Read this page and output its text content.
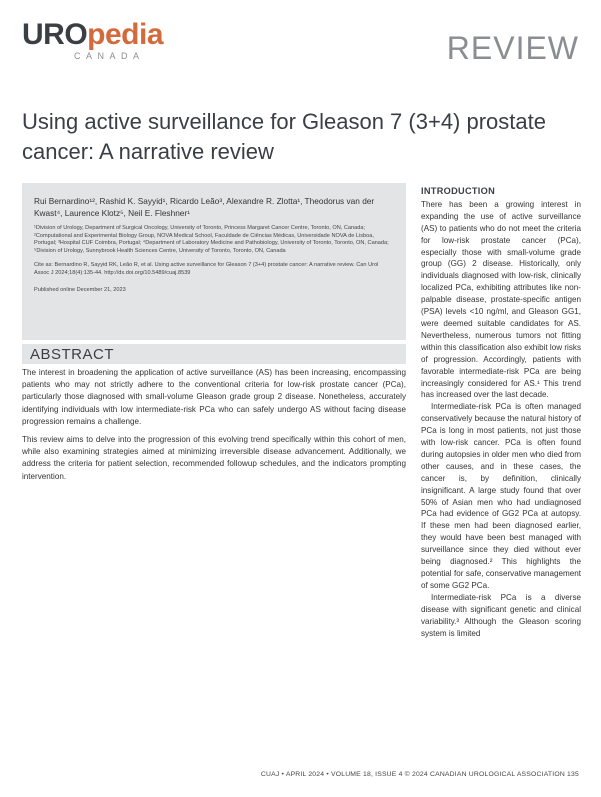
UROpedia
CANADA	REVIEW
Using active surveillance for Gleason 7 (3+4) prostate cancer: A narrative review

Rui Bernardino¹², Rashid K. Sayyid¹, Ricardo Leão³, Alexandre R. Zlotta¹, Theodorus van der Kwast⁴, Laurence Klotz⁵, Neil E. Fleshner¹

¹Division of Urology, Department of Surgical Oncology, University of Toronto, Princess Margaret Cancer Centre, Toronto, ON, Canada; ²Computational and Experimental Biology Group, NOVA Medical School, Faculdade de Ciências Médicas, Universidade NOVA de Lisboa, Portugal; ³Hospital CUF Coimbra, Portugal; ⁴Department of Laboratory Medicine and Pathobiology, University of Toronto, Toronto, ON, Canada; ⁵Division of Urology, Sunnybrook Health Sciences Centre, University of Toronto, Toronto, ON, Canada

Cite as: Bernardino R, Sayyid RK, Leão R, et al. Using active surveillance for Gleason 7 (3+4) prostate cancer: A narrative review. Can Urol Assoc J 2024;18(4):135-44. http://dx.doi.org/10.5489/cuaj.8539

Published online December 21, 2023

ABSTRACT

The interest in broadening the application of active surveillance (AS) has been increasing, encompassing patients who may not strictly adhere to the conventional criteria for low-risk prostate cancer (PCa), particularly those diagnosed with small-volume Gleason grade group 2 disease. Nonetheless, accurately identifying individuals with low intermediate-risk PCa who can safely undergo AS without facing disease progression remains a challenge.

This review aims to delve into the progression of this evolving trend specifically within this cohort of men, while also examining strategies aimed at minimizing irreversible disease advancement. Additionally, we address the criteria for patient selection, recommended followup schedules, and the indicators prompting intervention.

INTRODUCTION

There has been a growing interest in expanding the use of active surveillance (AS) to patients who do not meet the criteria for low-risk prostate cancer (PCa), especially those with small-volume grade group (GG) 2 disease. Historically, only individuals diagnosed with low-risk, clinically localized PCa, exhibiting attributes like non-palpable disease, prostate-specific antigen (PSA) levels <10 ng/ml, and Gleason GG1, were deemed suitable candidates for AS. Nevertheless, numerous tumors not fitting within this classification also exhibit low risks of progression. Accordingly, patients with favorable intermediate-risk PCa are being increasingly considered for AS.¹ This trend has increased over the last decade.

Intermediate-risk PCa is often managed conservatively because the natural history of PCa is long in most patients, not just those with low-risk cancer. PCa is often found during autopsies in older men who died from other causes, and in these cases, the cancer is, by definition, clinically insignificant. A large study found that over 50% of Asian men who had undiagnosed PCa had evidence of GG2 PCa at autopsy. If these men had been diagnosed earlier, they would have been best managed with surveillance since they died without ever being diagnosed.² This highlights the potential for safe, conservative management of some GG2 PCa.

Intermediate-risk PCa is a diverse disease with significant genetic and clinical variability.³ Although the Gleason scoring system is limited

CUAJ • APRIL 2024 • VOLUME 18, ISSUE 4 © 2024 CANADIAN UROLOGICAL ASSOCIATION 135
